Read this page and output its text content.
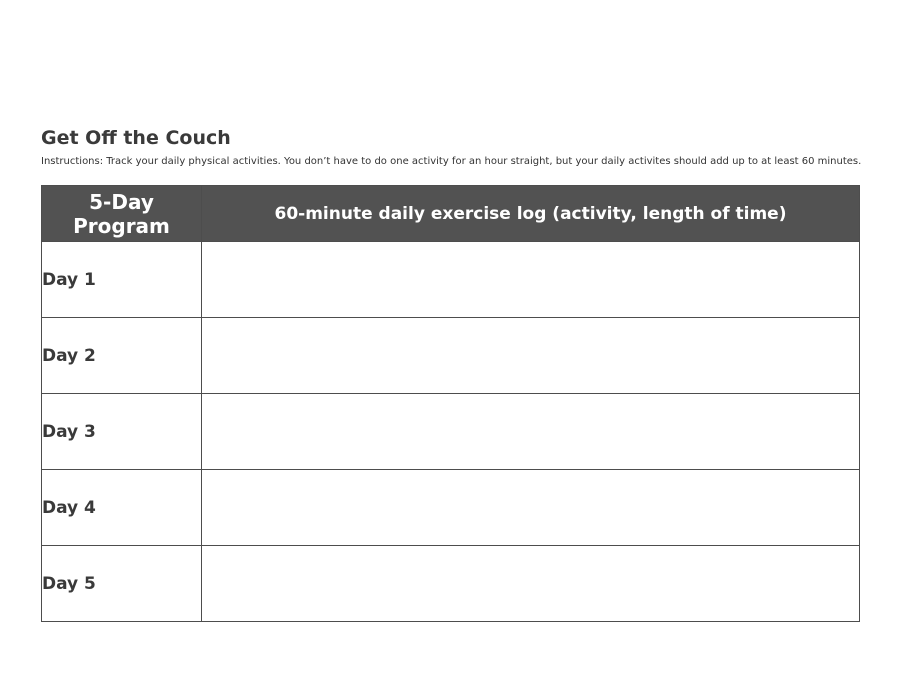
Get Off the Couch

Instructions: Track your daily physical activities. You don’t have to do one activity for an hour straight, but your daily activites should add up to at least 60 minutes.

5-Day Program	60-minute daily exercise log (activity, length of time)
Day 1	
Day 2	
Day 3	
Day 4	
Day 5	
